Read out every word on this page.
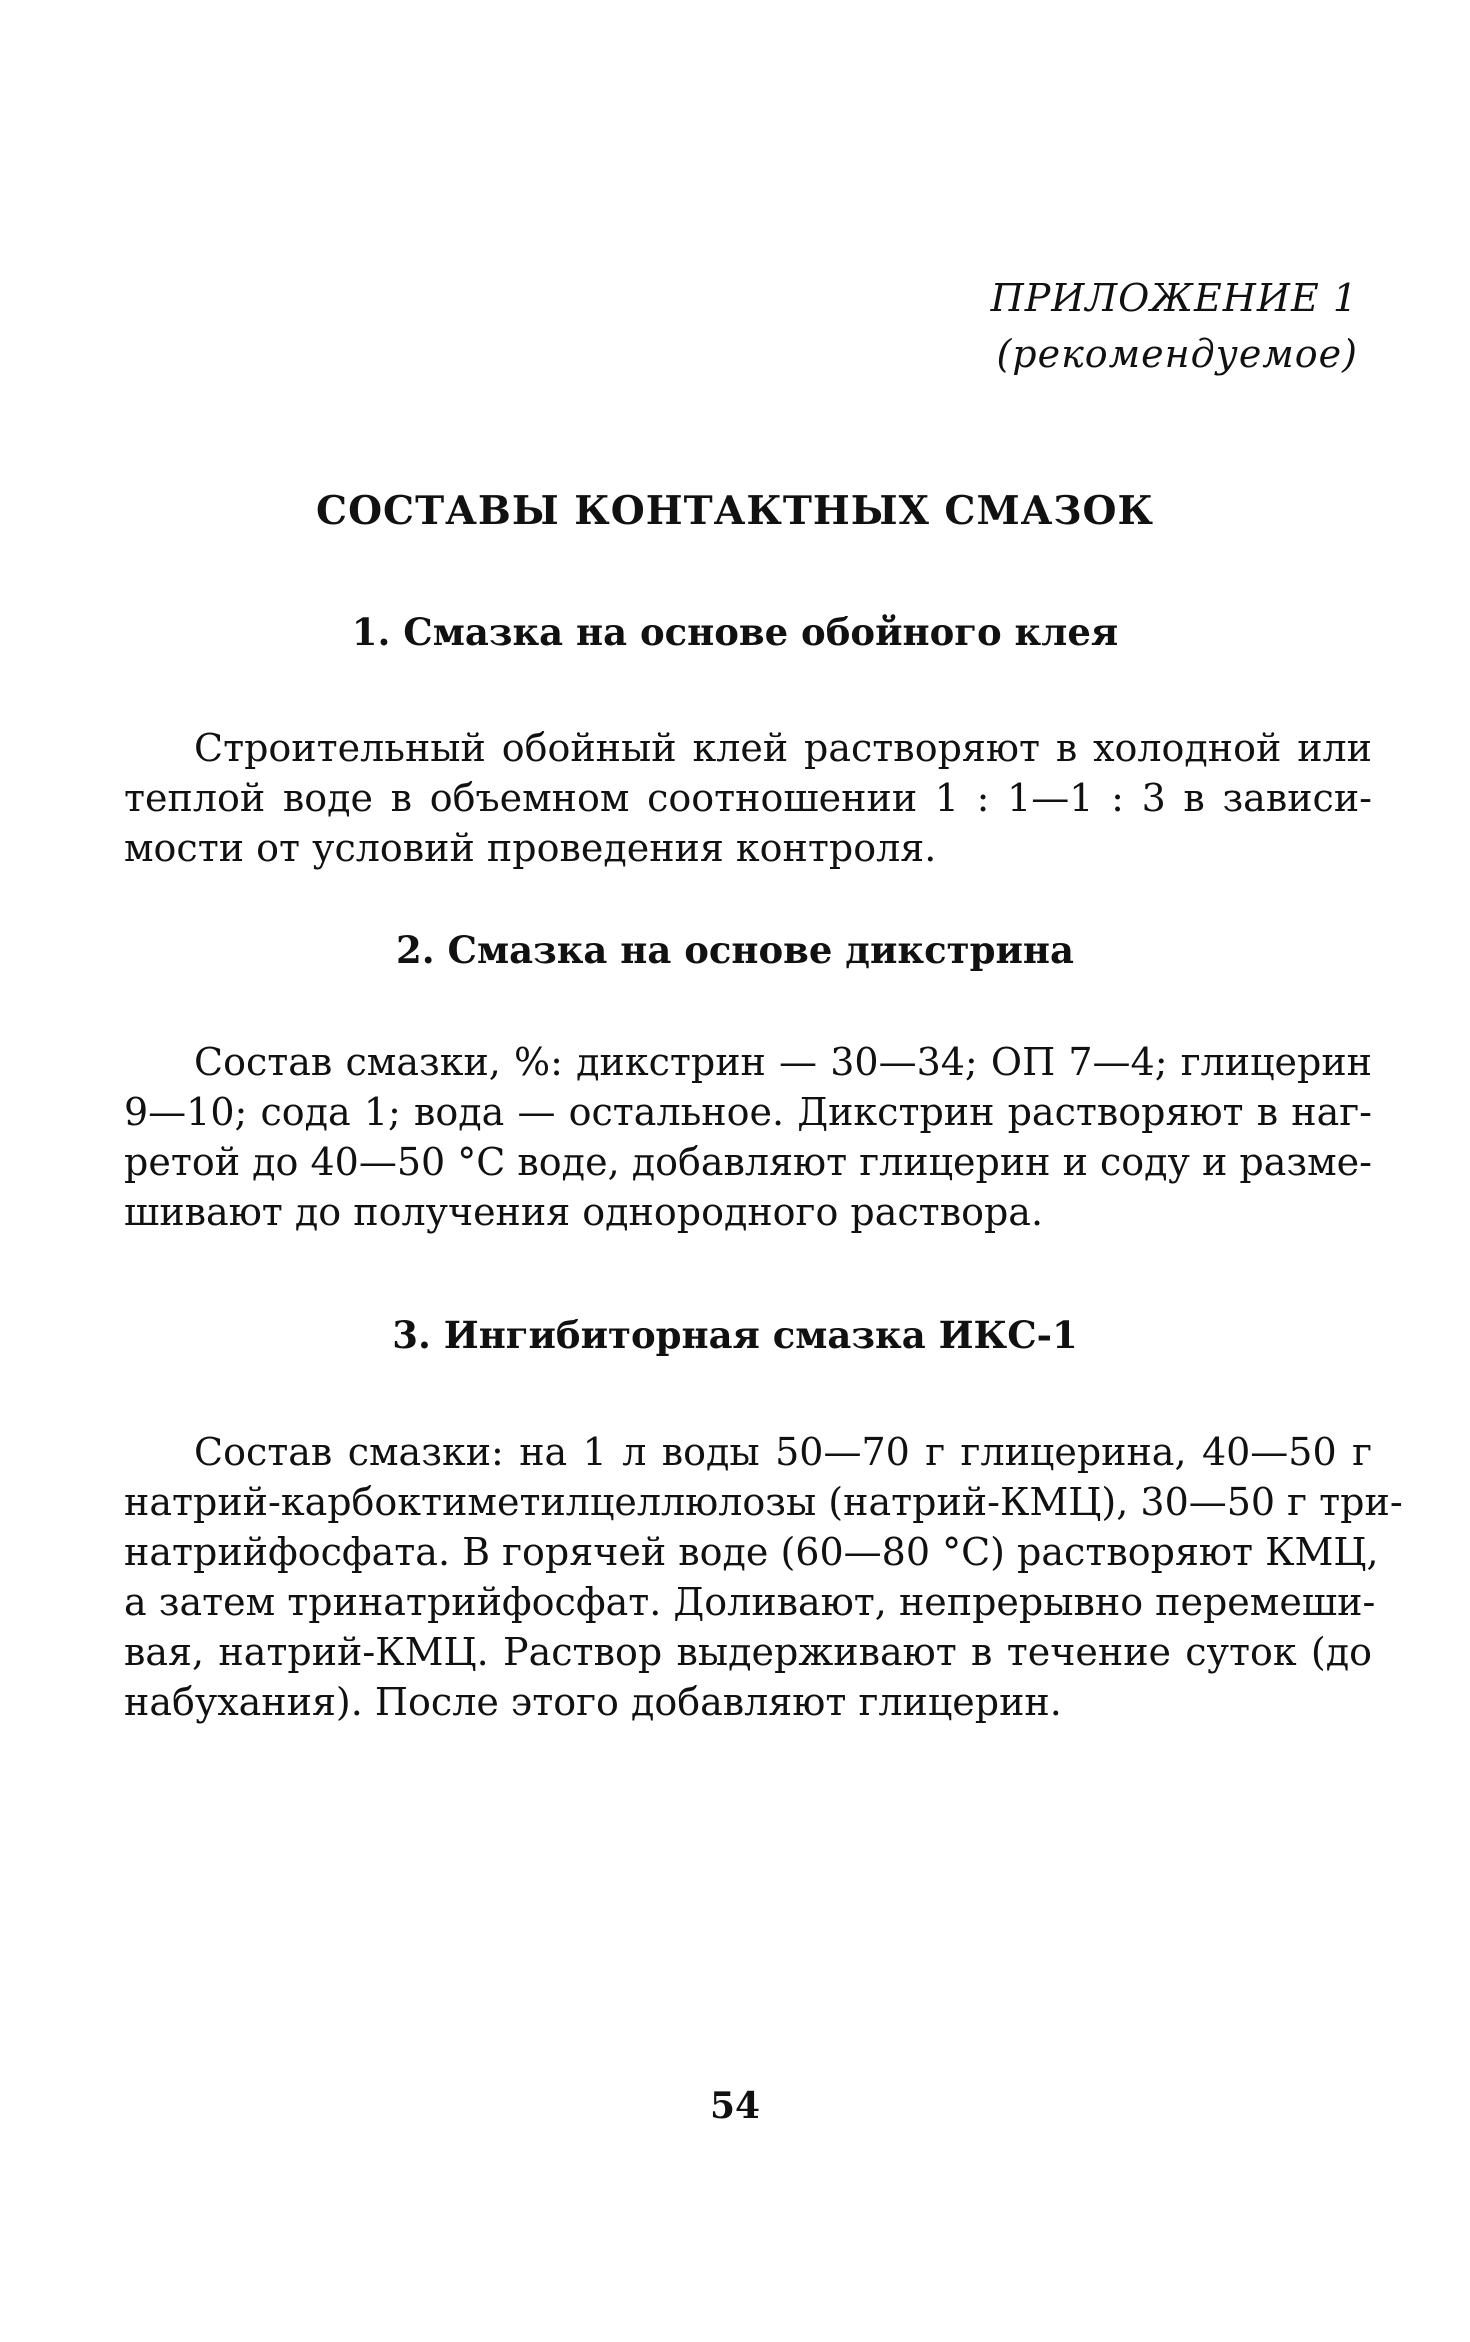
ПРИЛОЖЕНИЕ 1
(рекомендуемое)
СОСТАВЫ КОНТАКТНЫХ СМАЗОК
1. Смазка на основе обойного клея
Строительный обойный клей растворяют в холодной или
теплой воде в объемном соотношении 1 : 1—1 : 3 в зависи-
мости от условий проведения контроля.
2. Смазка на основе дикстрина
Состав смазки, %: дикстрин — 30—34; ОП 7—4; глицерин
9—10; сода 1; вода — остальное. Дикстрин растворяют в наг-
ретой до 40—50 °С воде, добавляют глицерин и соду и разме-
шивают до получения однородного раствора.
3. Ингибиторная смазка ИКС-1
Состав смазки: на 1 л воды 50—70 г глицерина, 40—50 г
натрий-карбоктиметилцеллюлозы (натрий-КМЦ), 30—50 г три-
натрийфосфата. В горячей воде (60—80 °С) растворяют КМЦ,
а затем тринатрийфосфат. Доливают, непрерывно перемеши-
вая, натрий-КМЦ. Раствор выдерживают в течение суток (до
набухания). После этого добавляют глицерин.
54
